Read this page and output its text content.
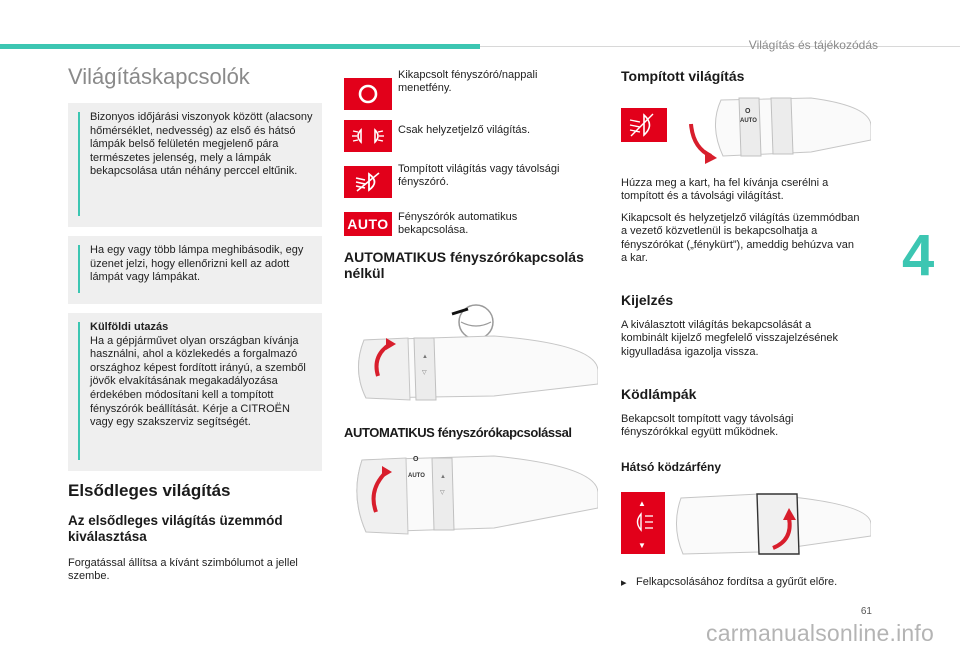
Világítás és tájékozódás
4
61
carmanualsonline.info
Világításkapcsolók
Bizonyos időjárási viszonyok között (alacsony hőmérséklet, nedvesség) az első és hátsó lámpák belső felületén megjelenő pára természetes jelenség, mely a lámpák bekapcsolása után néhány perccel eltűnik.
Ha egy vagy több lámpa meghibásodik, egy üzenet jelzi, hogy ellenőrizni kell az adott lámpát vagy lámpákat.
Külföldi utazás
Ha a gépjárművet olyan országban kívánja használni, ahol a közlekedés a forgalmazó országhoz képest fordított irányú, a szemből jövők elvakításának megakadályozása érdekében módosítani kell a tompított fényszórók beállítását. Kérje a CITROËN vagy egy szakszerviz segítségét.
Elsődleges világítás
Az elsődleges világítás üzemmód kiválasztása
Forgatással állítsa a kívánt szimbólumot a jellel szembe.
Kikapcsolt fényszóró/nappali menetfény.
Csak helyzetjelző világítás.
Tompított világítás vagy távolsági fényszóró.
AUTO Fényszórók automatikus bekapcsolása.
AUTOMATIKUS fényszórókapcsolás nélkül
▲
▽
AUTOMATIKUS fényszórókapcsolással
▲
▽
O
AUTO
Tompított világítás
O
AUTO
Húzza meg a kart, ha fel kívánja cserélni a tompított és a távolsági világítást.
Kikapcsolt és helyzetjelző világítás üzemmódban a vezető közvetlenül is bekapcsolhatja a fényszórókat („fénykürt”), ameddig behúzva van a kar.
Kijelzés
A kiválasztott világítás bekapcsolását a kombinált kijelző megfelelő visszajelzésének kigyulladása igazolja vissza.
Ködlámpák
Bekapcsolt tompított vagy távolsági fényszórókkal együtt működnek.
Hátsó ködzárfény
▲
▼
▸ Felkapcsolásához fordítsa a gyűrűt előre.
